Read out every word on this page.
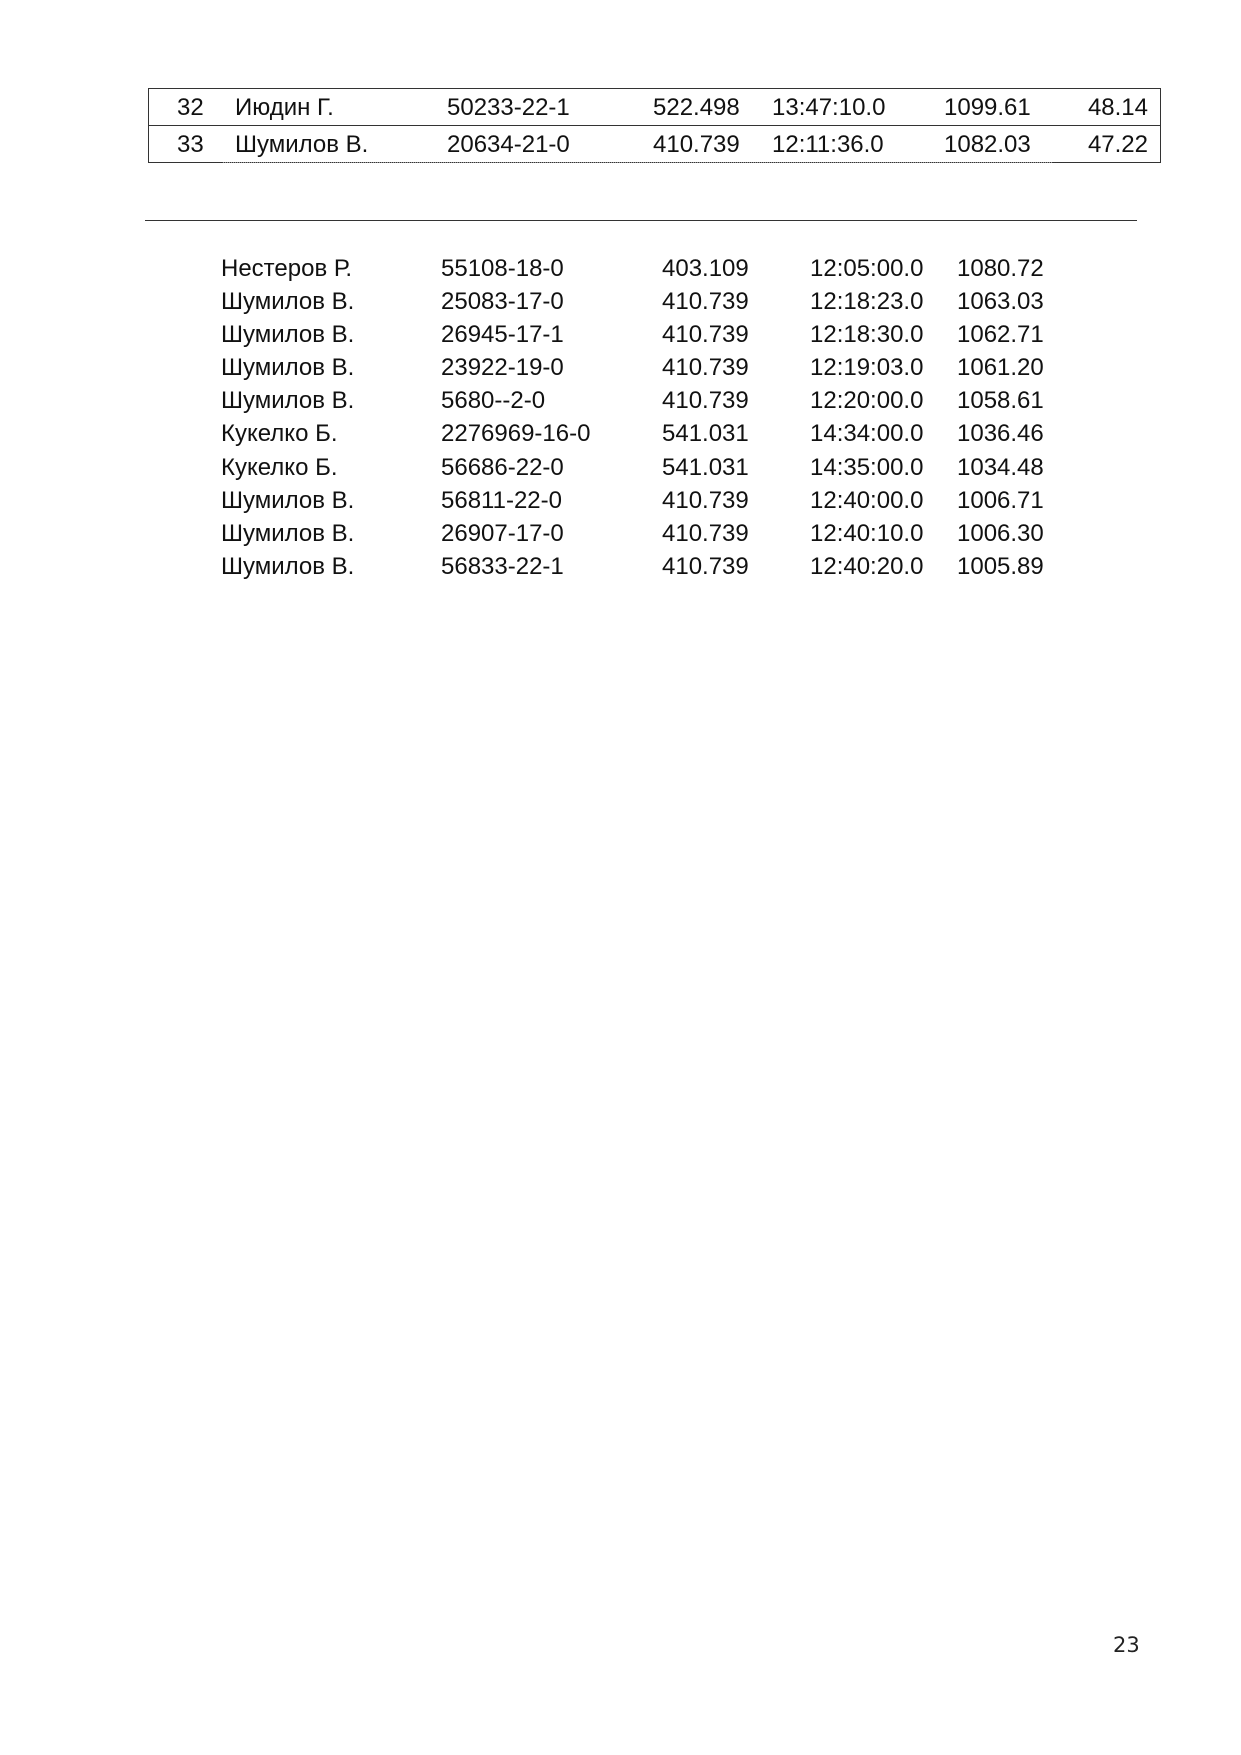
32 Июдин Г.	50233-22-1	522.498 13:47:10.0 1099.61 48.14
33 Шумилов В.	20634-21-0	410.739 12:11:36.0	1082.03 47.22
Нестеров Р.	55108-18-0	403.109	12:05:00.0 1080.72
Шумилов В.	25083-17-0	410.739	12:18:23.0 1063.03
Шумилов В.	26945-17-1	410.739	12:18:30.0 1062.71
Шумилов В.	23922-19-0	410.739	12:19:03.0 1061.20
Шумилов В.	5680--2-0	410.739	12:20:00.0 1058.61
Кукелко Б.	2276969-16-0	541.031	14:34:00.0 1036.46
Кукелко Б.	56686-22-0	541.031	14:35:00.0 1034.48
Шумилов В.	56811-22-0	410.739	12:40:00.0 1006.71
Шумилов В.	26907-17-0	410.739	12:40:10.0 1006.30
Шумилов В.	56833-22-1	410.739	12:40:20.0 1005.89
23
